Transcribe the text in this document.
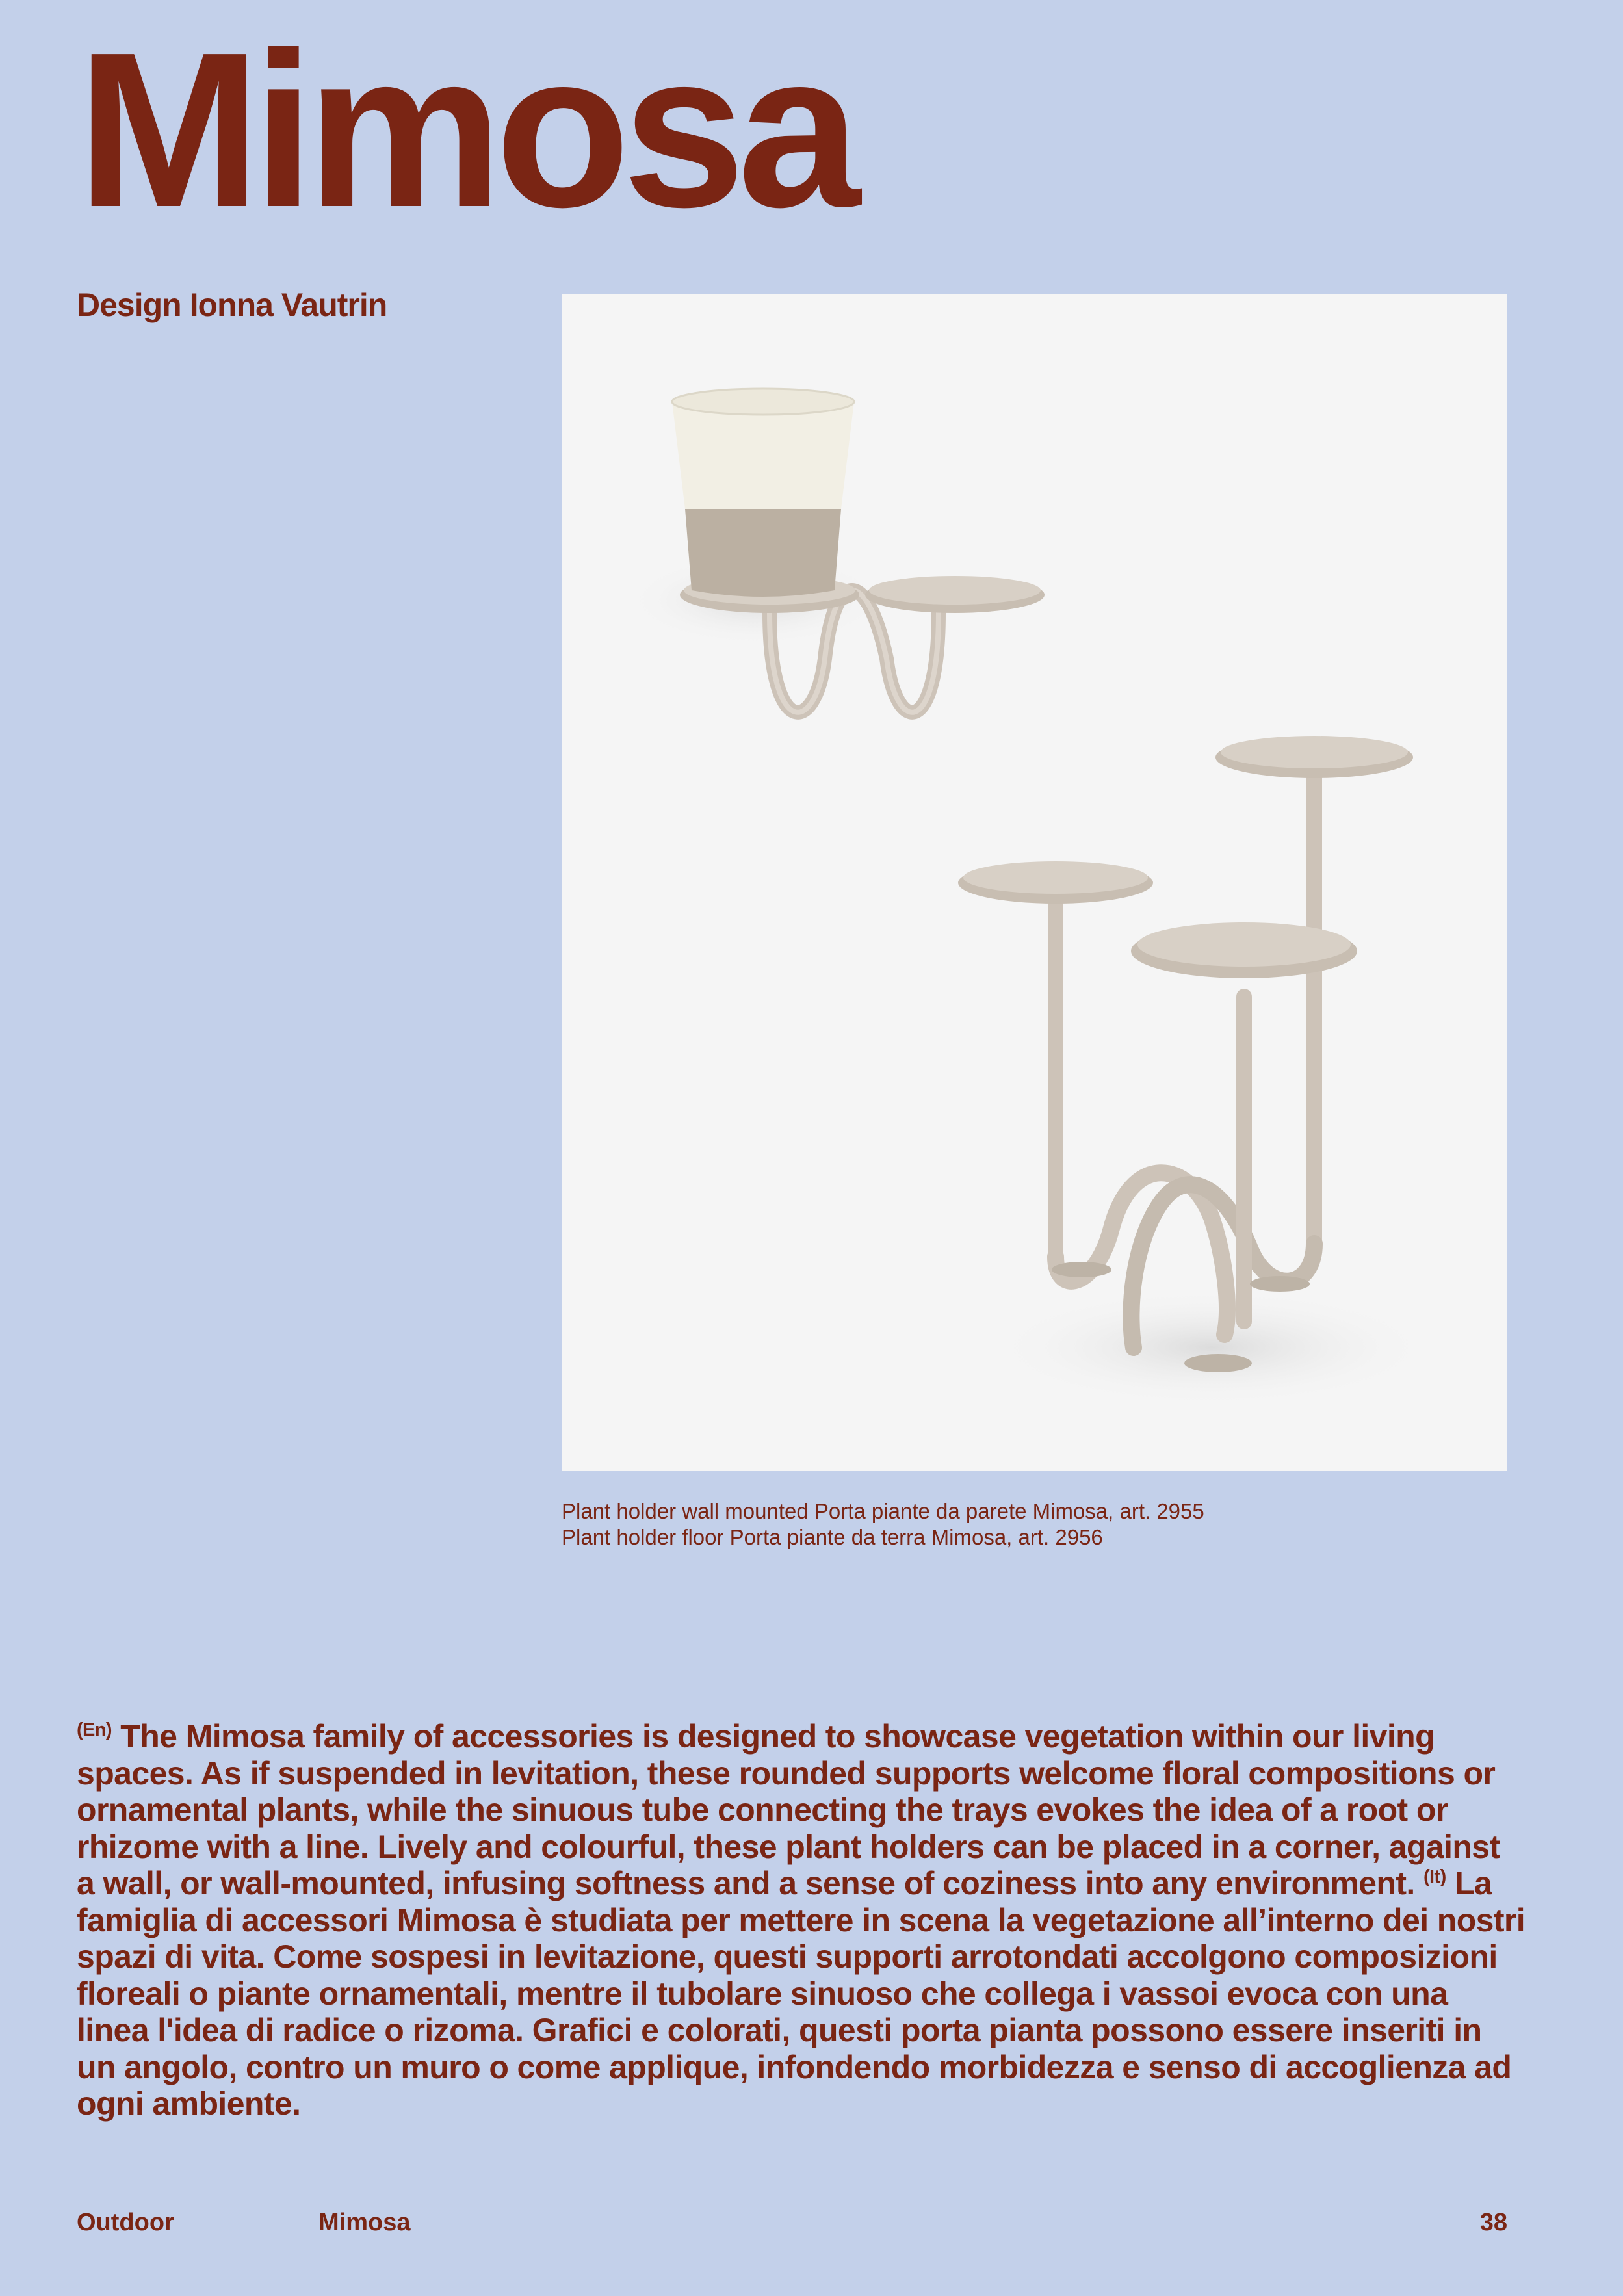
Mimosa
Design Ionna Vautrin
Plant holder wall mounted Porta piante da parete Mimosa, art. 2955
Plant holder floor Porta piante da terra Mimosa, art. 2956
$^{(En)}$ The Mimosa family of accessories is designed to showcase vegetation within our living spaces. As if suspended in levitation, these rounded supports welcome floral compositions or ornamental plants, while the sinuous tube connecting the trays evokes the idea of a root or rhizome with a line. Lively and colourful, these plant holders can be placed in a corner, against a wall, or wall-mounted, infusing softness and a sense of coziness into any environment. $^{(It)}$ La famiglia di accessori Mimosa è studiata per mettere in scena la vegetazione all’interno dei nostri spazi di vita. Come sospesi in levitazione, questi supporti arrotondati accolgono composizioni floreali o piante ornamentali, mentre il tubolare sinuoso che collega i vassoi evoca con una linea l'idea di radice o rizoma. Grafici e colorati, questi porta pianta possono essere inseriti in un angolo, contro un muro o come applique, infondendo morbidezza e senso di accoglienza ad ogni ambiente.
Outdoor	Mimosa	38
